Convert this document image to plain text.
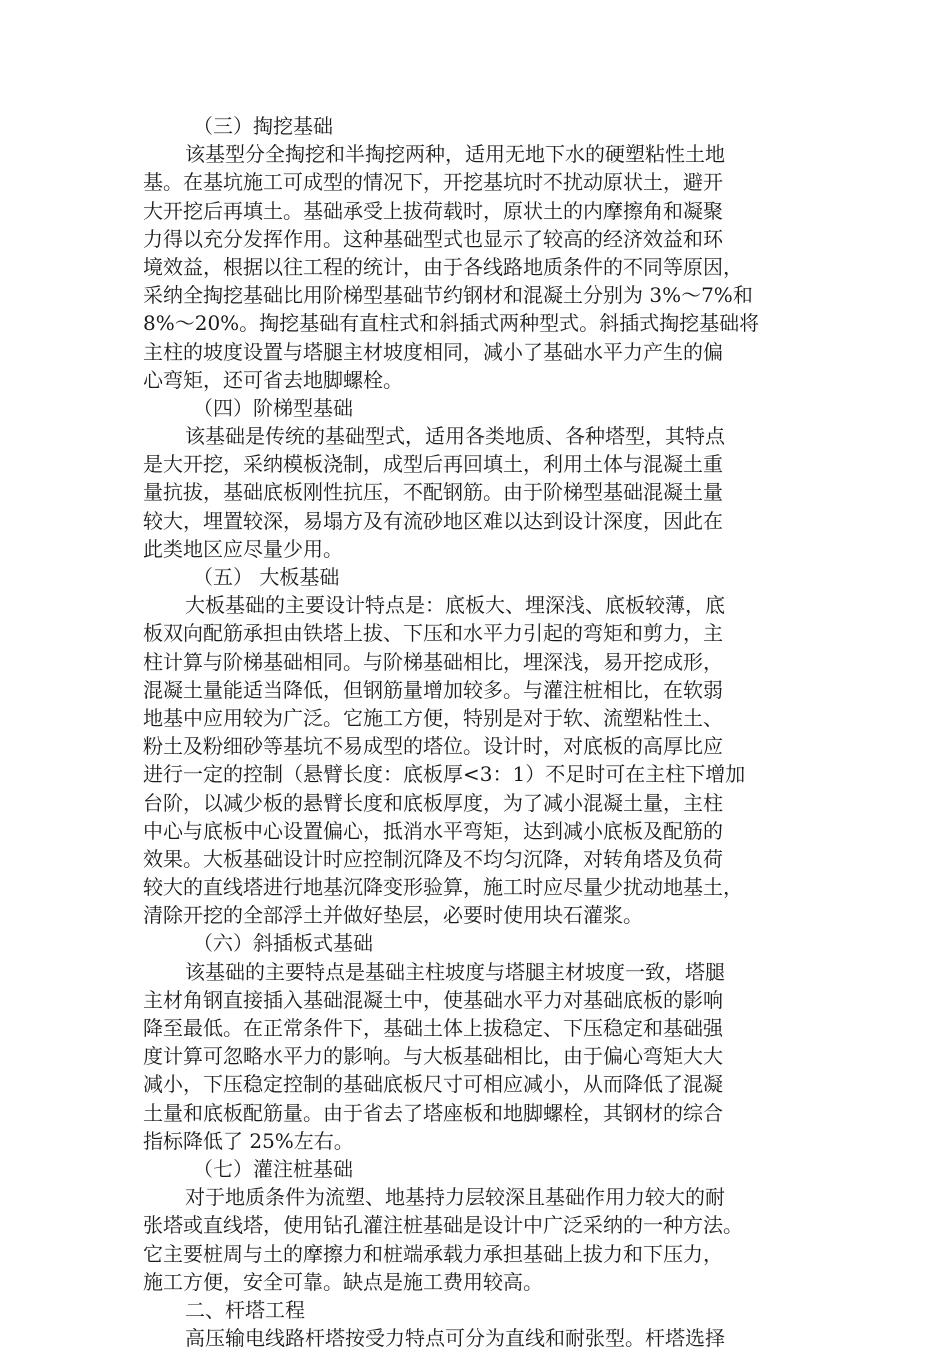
（三）掏挖基础
该基型分全掏挖和半掏挖两种，适用无地下水的硬塑粘性土地
基。在基坑施工可成型的情况下，开挖基坑时不扰动原状土，避开
大开挖后再填土。基础承受上拔荷载时，原状土的内摩擦角和凝聚
力得以充分发挥作用。这种基础型式也显示了较高的经济效益和环
境效益，根据以往工程的统计，由于各线路地质条件的不同等原因，
采纳全掏挖基础比用阶梯型基础节约钢材和混凝土分别为 3%～7%和
8%～20%。掏挖基础有直柱式和斜插式两种型式。斜插式掏挖基础将
主柱的坡度设置与塔腿主材坡度相同，减小了基础水平力产生的偏
心弯矩，还可省去地脚螺栓。
（四）阶梯型基础
该基础是传统的基础型式，适用各类地质、各种塔型，其特点
是大开挖，采纳模板浇制，成型后再回填土，利用土体与混凝土重
量抗拔，基础底板刚性抗压，不配钢筋。由于阶梯型基础混凝土量
较大，埋置较深，易塌方及有流砂地区难以达到设计深度，因此在
此类地区应尽量少用。
（五） 大板基础
大板基础的主要设计特点是：底板大、埋深浅、底板较薄，底
板双向配筋承担由铁塔上拔、下压和水平力引起的弯矩和剪力，主
柱计算与阶梯基础相同。与阶梯基础相比，埋深浅，易开挖成形，
混凝土量能适当降低，但钢筋量增加较多。与灌注桩相比，在软弱
地基中应用较为广泛。它施工方便，特别是对于软、流塑粘性土、
粉土及粉细砂等基坑不易成型的塔位。设计时，对底板的高厚比应
进行一定的控制（悬臂长度：底板厚<3：1）不足时可在主柱下增加
台阶，以减少板的悬臂长度和底板厚度，为了减小混凝土量，主柱
中心与底板中心设置偏心，抵消水平弯矩，达到减小底板及配筋的
效果。大板基础设计时应控制沉降及不均匀沉降，对转角塔及负荷
较大的直线塔进行地基沉降变形验算，施工时应尽量少扰动地基土，
清除开挖的全部浮土并做好垫层，必要时使用块石灌浆。
（六）斜插板式基础
该基础的主要特点是基础主柱坡度与塔腿主材坡度一致，塔腿
主材角钢直接插入基础混凝土中，使基础水平力对基础底板的影响
降至最低。在正常条件下，基础土体上拔稳定、下压稳定和基础强
度计算可忽略水平力的影响。与大板基础相比，由于偏心弯矩大大
减小，下压稳定控制的基础底板尺寸可相应减小，从而降低了混凝
土量和底板配筋量。由于省去了塔座板和地脚螺栓，其钢材的综合
指标降低了 25%左右。
（七）灌注桩基础
对于地质条件为流塑、地基持力层较深且基础作用力较大的耐
张塔或直线塔，使用钻孔灌注桩基础是设计中广泛采纳的一种方法。
它主要桩周与土的摩擦力和桩端承载力承担基础上拔力和下压力，
施工方便，安全可靠。缺点是施工费用较高。
二、杆塔工程
高压输电线路杆塔按受力特点可分为直线和耐张型。杆塔选择
